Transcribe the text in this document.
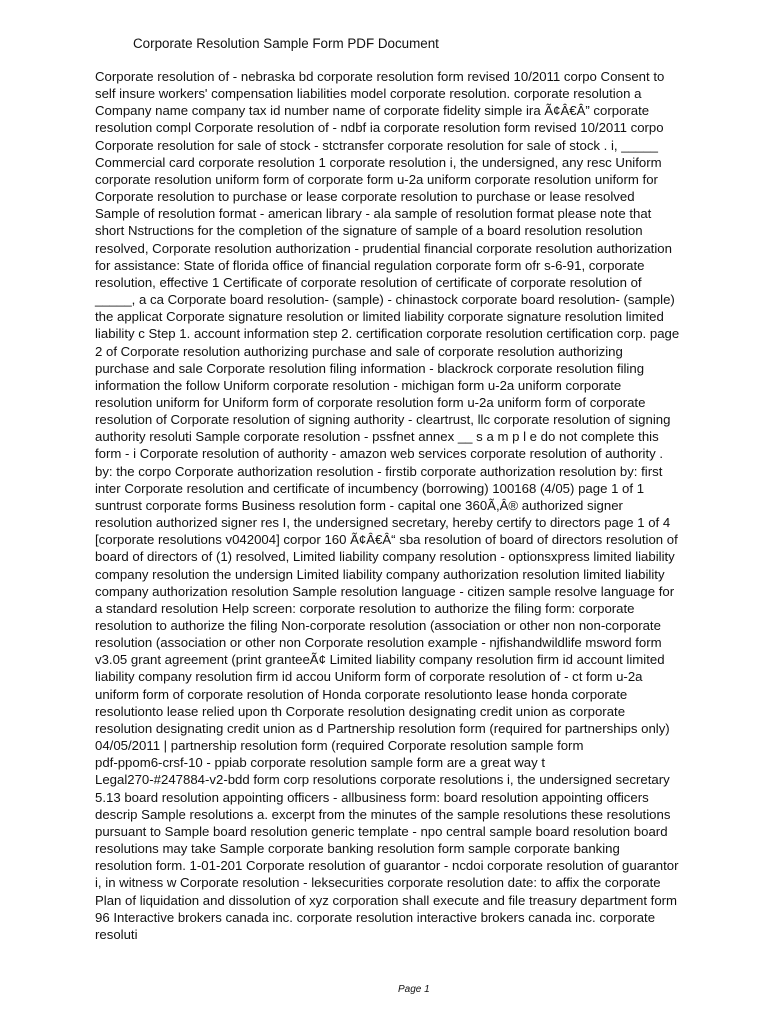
Corporate Resolution Sample Form PDF Document

Corporate resolution of - nebraska bd corporate resolution form revised 10/2011 corpo Consent to
self insure workers' compensation liabilities model corporate resolution. corporate resolution a
Company name company tax id number name of corporate fidelity simple ira Ã¢Â€Â” corporate
resolution compl Corporate resolution of - ndbf ia corporate resolution form revised 10/2011 corpo
Corporate resolution for sale of stock - stctransfer corporate resolution for sale of stock . i, _____
Commercial card corporate resolution 1 corporate resolution i, the undersigned, any resc Uniform
corporate resolution uniform form of corporate form u-2a uniform corporate resolution uniform for
Corporate resolution to purchase or lease corporate resolution to purchase or lease resolved
Sample of resolution format - american library - ala sample of resolution format please note that
short Nstructions for the completion of the signature of sample of a board resolution resolution
resolved, Corporate resolution authorization - prudential financial corporate resolution authorization
for assistance: State of florida office of financial regulation corporate form ofr s-6-91, corporate
resolution, effective 1 Certificate of corporate resolution of certificate of corporate resolution of
_____, a ca Corporate board resolution- (sample) - chinastock corporate board resolution- (sample)
the applicat Corporate signature resolution or limited liability corporate signature resolution limited
liability c Step 1. account information step 2. certification corporate resolution certification corp. page
2 of Corporate resolution authorizing purchase and sale of corporate resolution authorizing
purchase and sale Corporate resolution filing information - blackrock corporate resolution filing
information the follow Uniform corporate resolution - michigan form u-2a uniform corporate
resolution uniform for Uniform form of corporate resolution form u-2a uniform form of corporate
resolution of Corporate resolution of signing authority - cleartrust, llc corporate resolution of signing
authority resoluti Sample corporate resolution - pssfnet annex __ s a m p l e do not complete this
form - i Corporate resolution of authority - amazon web services corporate resolution of authority .
by: the corpo Corporate authorization resolution - firstib corporate authorization resolution by: first
inter Corporate resolution and certificate of incumbency (borrowing) 100168 (4/05) page 1 of 1
suntrust corporate forms Business resolution form - capital one 360Ã,Â® authorized signer
resolution authorized signer res I, the undersigned secretary, hereby certify to directors page 1 of 4
[corporate resolutions v042004] corpor 160 Ã¢Â€Â“ sba resolution of board of directors resolution of
board of directors of (1) resolved, Limited liability company resolution - optionsxpress limited liability
company resolution the undersign Limited liability company authorization resolution limited liability
company authorization resolution Sample resolution language - citizen sample resolve language for
a standard resolution Help screen: corporate resolution to authorize the filing form: corporate
resolution to authorize the filing Non-corporate resolution (association or other non non-corporate
resolution (association or other non Corporate resolution example - njfishandwildlife msword form
v3.05 grant agreement (print granteeÃ¢ Limited liability company resolution firm id account limited
liability company resolution firm id accou Uniform form of corporate resolution of - ct form u-2a
uniform form of corporate resolution of Honda corporate resolutionto lease honda corporate
resolutionto lease relied upon th Corporate resolution designating credit union as corporate
resolution designating credit union as d Partnership resolution form (required for partnerships only)
04/05/2011 | partnership resolution form (required Corporate resolution sample form
pdf-ppom6-crsf-10 - ppiab corporate resolution sample form are a great way t
Legal270-#247884-v2-bdd form corp resolutions corporate resolutions i, the undersigned secretary
5.13 board resolution appointing officers - allbusiness form: board resolution appointing officers
descrip Sample resolutions a. excerpt from the minutes of the sample resolutions these resolutions
pursuant to Sample board resolution generic template - npo central sample board resolution board
resolutions may take Sample corporate banking resolution form sample corporate banking
resolution form. 1-01-201 Corporate resolution of guarantor - ncdoi corporate resolution of guarantor
i, in witness w Corporate resolution - leksecurities corporate resolution date: to affix the corporate
Plan of liquidation and dissolution of xyz corporation shall execute and file treasury department form
96 Interactive brokers canada inc. corporate resolution interactive brokers canada inc. corporate
resoluti

Page 1
